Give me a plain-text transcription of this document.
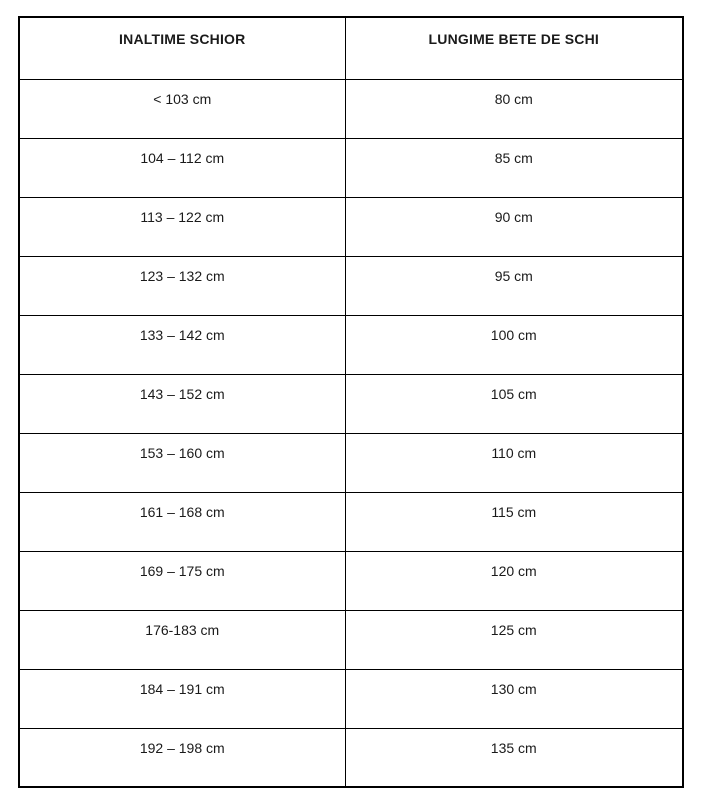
INALTIME SCHIOR	LUNGIME BETE DE SCHI
< 103 cm	80 cm
104 – 112 cm	85 cm
113 – 122 cm	90 cm
123 – 132 cm	95 cm
133 – 142 cm	100 cm
143 – 152 cm	105 cm
153 – 160 cm	110 cm
161 – 168 cm	115 cm
169 – 175 cm	120 cm
176-183 cm	125 cm
184 – 191 cm	130 cm
192 – 198 cm	135 cm
